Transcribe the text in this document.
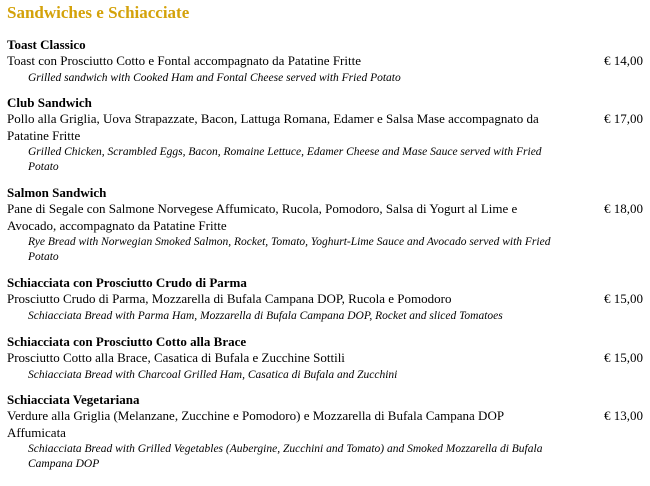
Sandwiches e Schiacciate
Toast Classico
Toast con Prosciutto Cotto e Fontal accompagnato da Patatine Fritte
Grilled sandwich with Cooked Ham and Fontal Cheese served with Fried Potato
€ 14,00
Club Sandwich
Pollo alla Griglia, Uova Strapazzate, Bacon, Lattuga Romana, Edamer e Salsa Mase accompagnato da Patatine Fritte
Grilled Chicken, Scrambled Eggs, Bacon, Romaine Lettuce, Edamer Cheese and Mase Sauce served with Fried Potato
€ 17,00
Salmon Sandwich
Pane di Segale con Salmone Norvegese Affumicato, Rucola, Pomodoro, Salsa di Yogurt al Lime e Avocado, accompagnato da Patatine Fritte
Rye Bread with Norwegian Smoked Salmon, Rocket, Tomato, Yoghurt-Lime Sauce and Avocado served with Fried Potato
€ 18,00
Schiacciata con Prosciutto Crudo di Parma
Prosciutto Crudo di Parma, Mozzarella di Bufala Campana DOP, Rucola e Pomodoro
Schiacciata Bread with Parma Ham, Mozzarella di Bufala Campana DOP, Rocket and sliced Tomatoes
€ 15,00
Schiacciata con Prosciutto Cotto alla Brace
Prosciutto Cotto alla Brace, Casatica di Bufala e Zucchine Sottili
Schiacciata Bread with Charcoal Grilled Ham, Casatica di Bufala and Zucchini
€ 15,00
Schiacciata Vegetariana
Verdure alla Griglia (Melanzane, Zucchine e Pomodoro) e Mozzarella di Bufala Campana DOP Affumicata
Schiacciata Bread with Grilled Vegetables (Aubergine, Zucchini and Tomato) and Smoked Mozzarella di Bufala Campana DOP
€ 13,00
